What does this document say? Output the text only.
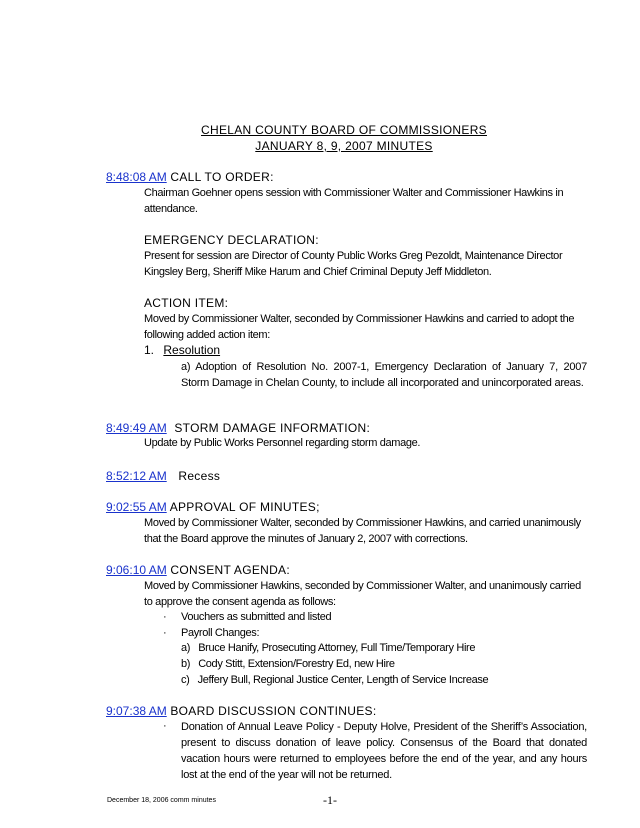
CHELAN COUNTY BOARD OF COMMISSIONERS
JANUARY 8, 9, 2007 MINUTES
8:48:08 AM CALL TO ORDER:
Chairman Goehner opens session with Commissioner Walter and Commissioner Hawkins in attendance.
EMERGENCY DECLARATION:
Present for session are Director of County Public Works Greg Pezoldt, Maintenance Director Kingsley Berg, Sheriff Mike Harum and Chief Criminal Deputy Jeff Middleton.
ACTION ITEM:
Moved by Commissioner Walter, seconded by Commissioner Hawkins and carried to adopt the following added action item:
1. Resolution
a) Adoption of Resolution No. 2007-1, Emergency Declaration of January 7, 2007 Storm Damage in Chelan County, to include all incorporated and unincorporated areas.
8:49:49 AM STORM DAMAGE INFORMATION:
Update by Public Works Personnel regarding storm damage.
8:52:12 AM Recess
9:02:55 AM APPROVAL OF MINUTES;
Moved by Commissioner Walter, seconded by Commissioner Hawkins, and carried unanimously that the Board approve the minutes of January 2, 2007 with corrections.
9:06:10 AM CONSENT AGENDA:
Moved by Commissioner Hawkins, seconded by Commissioner Walter, and unanimously carried to approve the consent agenda as follows:
· Vouchers as submitted and listed
· Payroll Changes:
a)   Bruce Hanify, Prosecuting Attorney, Full Time/Temporary Hire
b)   Cody Stitt, Extension/Forestry Ed, new Hire
c)   Jeffery Bull, Regional Justice Center, Length of Service Increase
9:07:38 AM BOARD DISCUSSION CONTINUES:
· Donation of Annual Leave Policy - Deputy Holve, President of the Sheriff’s Association, present to discuss donation of leave policy. Consensus of the Board that donated vacation hours were returned to employees before the end of the year, and any hours lost at the end of the year will not be returned.
December 18, 2006 comm minutes	-1-
